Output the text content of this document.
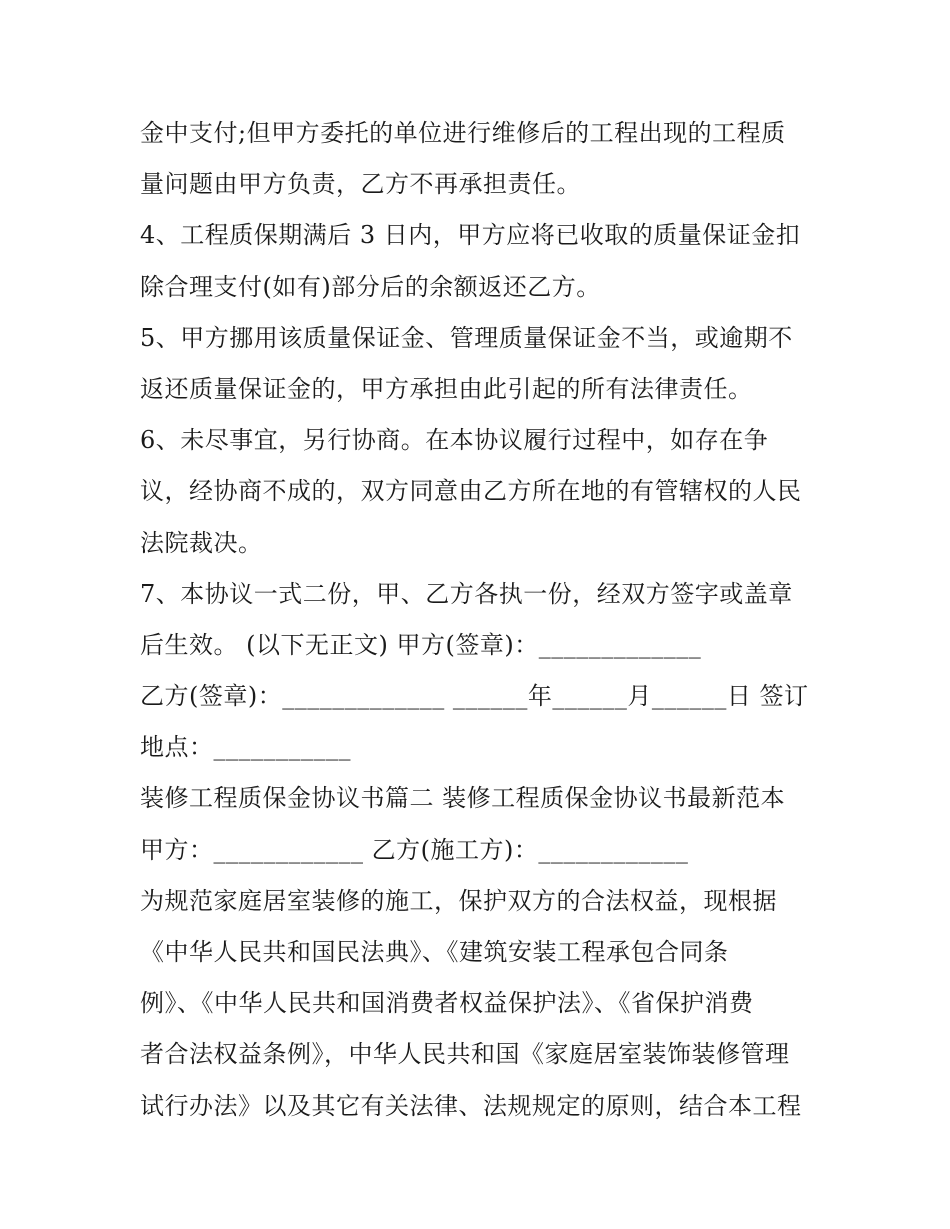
金中支付;但甲方委托的单位进行维修后的工程出现的工程质
量问题由甲方负责，乙方不再承担责任。
4、工程质保期满后 3 日内，甲方应将已收取的质量保证金扣
除合理支付(如有)部分后的余额返还乙方。
5、甲方挪用该质量保证金、管理质量保证金不当，或逾期不
返还质量保证金的，甲方承担由此引起的所有法律责任。
6、未尽事宜，另行协商。在本协议履行过程中，如存在争
议，经协商不成的，双方同意由乙方所在地的有管辖权的人民
法院裁决。
7、本协议一式二份，甲、乙方各执一份，经双方签字或盖章
后生效。 (以下无正文) 甲方(签章)：_____________
乙方(签章)：_____________ ______年______月______日 签订
地点：___________
装修工程质保金协议书篇二 装修工程质保金协议书最新范本
甲方：____________ 乙方(施工方)：____________
为规范家庭居室装修的施工，保护双方的合法权益，现根据
《中华人民共和国民法典》、《建筑安装工程承包合同条
例》、《中华人民共和国消费者权益保护法》、《省保护消费
者合法权益条例》，中华人民共和国《家庭居室装饰装修管理
试行办法》以及其它有关法律、法规规定的原则，结合本工程
